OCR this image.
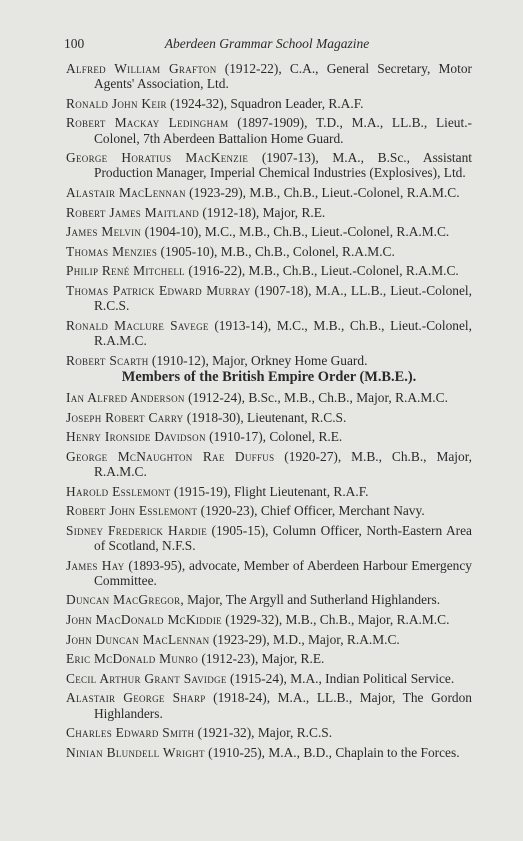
100	Aberdeen Grammar School Magazine
Alfred William Grafton (1912-22), C.A., General Secretary, Motor Agents' Association, Ltd.
Ronald John Keir (1924-32), Squadron Leader, R.A.F.
Robert Mackay Ledingham (1897-1909), T.D., M.A., LL.B., Lieut.-Colonel, 7th Aberdeen Battalion Home Guard.
George Horatius MacKenzie (1907-13), M.A., B.Sc., Assistant Production Manager, Imperial Chemical Industries (Explosives), Ltd.
Alastair MacLennan (1923-29), M.B., Ch.B., Lieut.-Colonel, R.A.M.C.
Robert James Maitland (1912-18), Major, R.E.
James Melvin (1904-10), M.C., M.B., Ch.B., Lieut.-Colonel, R.A.M.C.
Thomas Menzies (1905-10), M.B., Ch.B., Colonel, R.A.M.C.
Philip René Mitchell (1916-22), M.B., Ch.B., Lieut.-Colonel, R.A.M.C.
Thomas Patrick Edward Murray (1907-18), M.A., LL.B., Lieut.-Colonel, R.C.S.
Ronald Maclure Savege (1913-14), M.C., M.B., Ch.B., Lieut.-Colonel, R.A.M.C.
Robert Scarth (1910-12), Major, Orkney Home Guard.
Members of the British Empire Order (M.B.E.).
Ian Alfred Anderson (1912-24), B.Sc., M.B., Ch.B., Major, R.A.M.C.
Joseph Robert Carry (1918-30), Lieutenant, R.C.S.
Henry Ironside Davidson (1910-17), Colonel, R.E.
George McNaughton Rae Duffus (1920-27), M.B., Ch.B., Major, R.A.M.C.
Harold Esslemont (1915-19), Flight Lieutenant, R.A.F.
Robert John Esslemont (1920-23), Chief Officer, Merchant Navy.
Sidney Frederick Hardie (1905-15), Column Officer, North-Eastern Area of Scotland, N.F.S.
James Hay (1893-95), advocate, Member of Aberdeen Harbour Emergency Committee.
Duncan MacGregor, Major, The Argyll and Sutherland Highlanders.
John MacDonald McKiddie (1929-32), M.B., Ch.B., Major, R.A.M.C.
John Duncan MacLennan (1923-29), M.D., Major, R.A.M.C.
Eric McDonald Munro (1912-23), Major, R.E.
Cecil Arthur Grant Savidge (1915-24), M.A., Indian Political Service.
Alastair George Sharp (1918-24), M.A., LL.B., Major, The Gordon Highlanders.
Charles Edward Smith (1921-32), Major, R.C.S.
Ninian Blundell Wright (1910-25), M.A., B.D., Chaplain to the Forces.
